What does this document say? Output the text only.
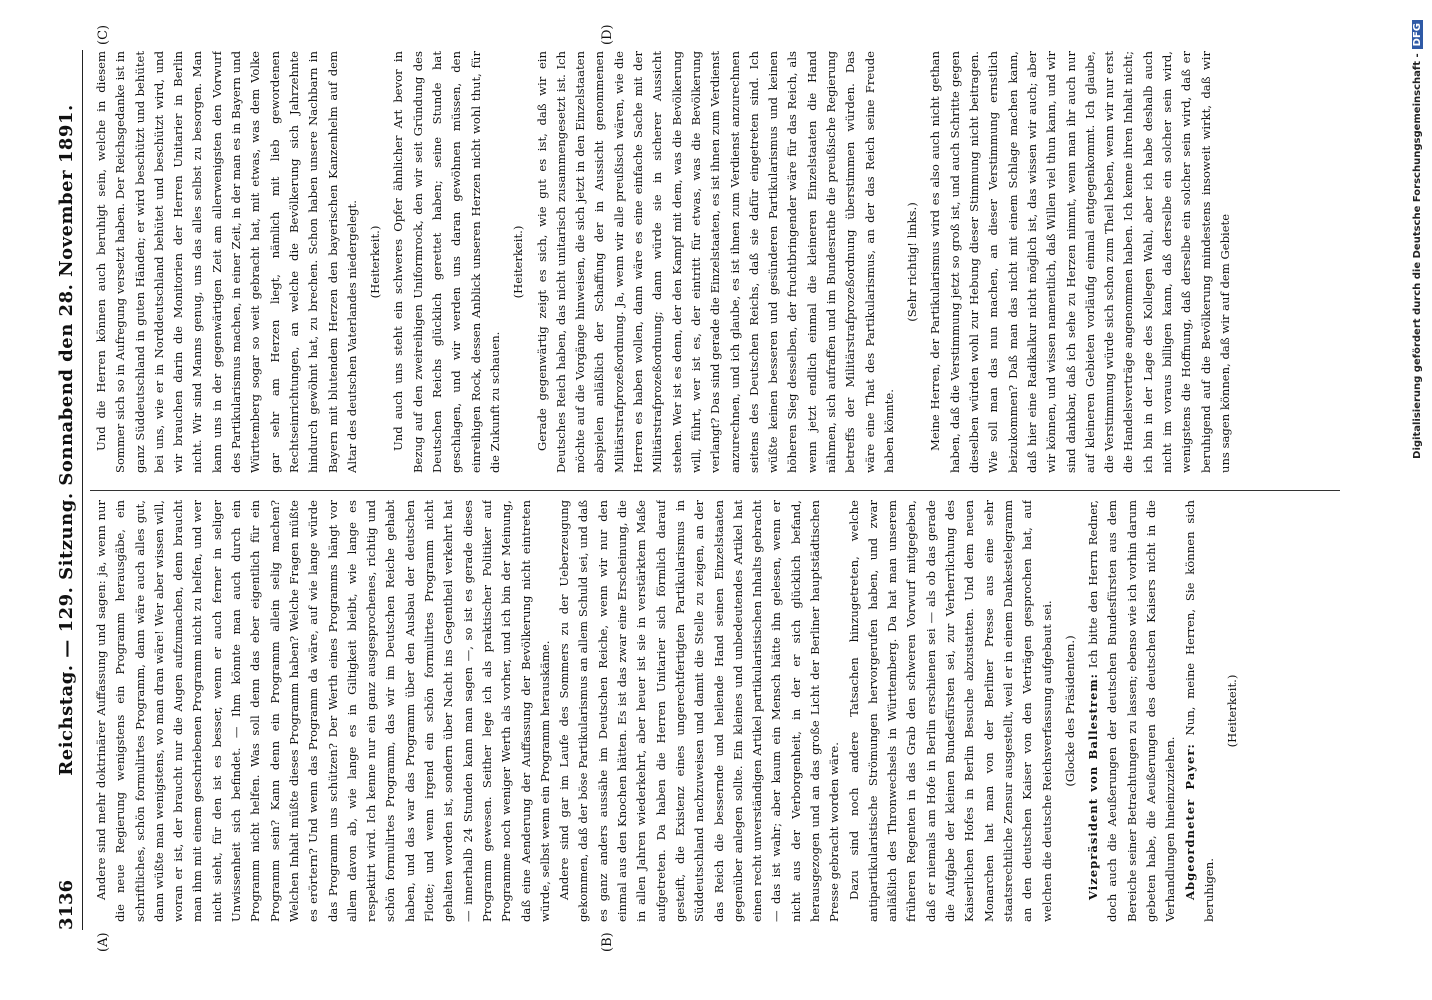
3136
Reichstag. — 129. Sitzung. Sonnabend den 28. November 1891.
(A)	(B)
(C)	(D)

Andere sind mehr doktrinärer Auffassung und sagen: ja, wenn nur die neue Regierung wenigstens ein Programm herausgäbe, ein schriftliches, schön formulirtes Programm, dann wäre auch alles gut, dann wüßte man wenigstens, wo man dran wäre! Wer aber wissen will, woran er ist, der braucht nur die Augen aufzumachen, denn braucht man ihm mit einem geschriebenen Programm nicht zu helfen, und wer nicht sieht, für den ist es besser, wenn er auch ferner in seliger Unwissenheit sich befindet. — Ihm könnte man auch durch ein Programm nicht helfen. Was soll denn das eber eigentlich für ein Programm sein? Kann denn ein Programm allein selig machen? Welchen Inhalt müßte dieses Programm haben? Welche Fragen müßte es erörtern? Und wenn das Programm da wäre, auf wie lange würde das Programm uns schützen? Der Werth eines Programms hängt vor allem davon ab, wie lange es in Giltigkeit bleibt, wie lange es respektirt wird. Ich kenne nur ein ganz ausgesprochenes, richtig und schön formulirtes Programm, das wir im Deutschen Reiche gehabt haben, und das war das Programm über den Ausbau der deutschen Flotte; und wenn irgend ein schön formulirtes Programm nicht gehalten worden ist, sondern über Nacht ins Gegentheil verkehrt hat — innerhalb 24 Stunden kann man sagen —, so ist es gerade dieses Programm gewesen. Seither lege ich als praktischer Politiker auf Programme noch weniger Werth als vorher, und ich bin der Meinung, daß eine Aenderung der Auffassung der Bevölkerung nicht eintreten würde, selbst wenn ein Programm herauskäme. Andere sind gar im Laufe des Sommers zu der Ueberzeugung gekommen, daß der böse Partikularismus an allem Schuld sei, und daß es ganz anders aussähe im Deutschen Reiche, wenn wir nur den einmal aus den Knochen hätten. Es ist das zwar eine Erscheinung, die in allen Jahren wiederkehrt, aber heuer ist sie in verstärktem Maße aufgetreten. Da haben die Herren Unitarier sich förmlich darauf gesteift, die Existenz eines ungerechtfertigten Partikularismus in Süddeutschland nachzuweisen und damit die Stelle zu zeigen, an der das Reich die bessernde und heilende Hand seinen Einzelstaaten gegenüber anlegen sollte. Ein kleines und unbedeutendes Artikel hat einen recht unverständigen Artikel partikularistischen Inhalts gebracht — das ist wahr; aber kaum ein Mensch hätte ihn gelesen, wenn er nicht aus der Verborgenheit, in der er sich glücklich befand, herausgezogen und an das große Licht der Berliner hauptstädtischen Presse gebracht worden wäre. Dazu sind noch andere Tatsachen hinzugetreten, welche antipartikularistische Strömungen hervorgerufen haben, und zwar anläßlich des Thronwechsels in Württemberg. Da hat man unserem früheren Regenten in das Grab den schweren Vorwurf mitgegeben, daß er niemals am Hofe in Berlin erschienen sei — als ob das gerade die Aufgabe der kleinen Bundesfürsten sei, zur Verherrlichung des Kaiserlichen Hofes in Berlin Besuche abzustatten. Und dem neuen Monarchen hat man von der Berliner Presse aus eine sehr staatsrechtliche Zensur ausgestellt, weil er in einem Dankestelegramm an den deutschen Kaiser von den Verträgen gesprochen hat, auf welchen die deutsche Reichsverfassung aufgebaut sei. (Glocke des Präsidenten.) Vizepräsident von Ballestrem: Ich bitte den Herrn Redner, doch auch die Aeußerungen der deutschen Bundesfürsten aus dem Bereiche seiner Betrachtungen zu lassen; ebenso wie ich vorhin darum gebeten habe, die Aeußerungen des deutschen Kaisers nicht in die Verhandlungen hineinzuziehen. Abgeordneter Payer: Nun, meine Herren, Sie können sich beruhigen.

(Heiterkeit.)

Und die Herren können auch beruhigt sein, welche in diesem Sommer sich so in Aufregung versetzt haben. Der Reichsgedanke ist in ganz Süddeutschland in guten Händen; er wird beschützt und behütet bei uns, wie er in Norddeutschland behütet und beschützt wird, und wir brauchen darin die Monitorien der Herren Unitarier in Berlin nicht. Wir sind Manns genug, uns das alles selbst zu besorgen. Man kann uns in der gegenwärtigen Zeit am allerwenigsten den Vorwurf des Partikularismus machen, in einer Zeit, in der man es in Bayern und Württemberg sogar so weit gebracht hat, mit etwas, was dem Volke gar sehr am Herzen liegt, nämlich mit lieb gewordenen Rechtseinrichtungen, an welche die Bevölkerung sich Jahrzehnte hindurch gewöhnt hat, zu brechen. Schon haben unsere Nachbarn in Bayern mit blutendem Herzen den bayerischen Kanzenhelm auf dem Altar des deutschen Vaterlandes niedergelegt. (Heiterkeit.) Und auch uns steht ein schweres Opfer ähnlicher Art bevor in Bezug auf den zweireihigen Uniformrock, den wir seit Gründung des Deutschen Reichs glücklich gerettet haben; seine Stunde hat geschlagen, und wir werden uns daran gewöhnen müssen, den einreihigen Rock, dessen Anblick unseren Herzen nicht wohl thut, für die Zukunft zu schauen.

(Heiterkeit.) Gerade gegenwärtig zeigt es sich, wie gut es ist, daß wir ein Deutsches Reich haben, das nicht unitarisch zusammengesetzt ist. Ich möchte auf die Vorgänge hinweisen, die sich jetzt in den Einzelstaaten abspielen anläßlich der Schaffung der in Aussicht genommenen Militärstrafprozeßordnung. Ja, wenn wir alle preußisch wären, wie die Herren es haben wollen, dann wäre es eine einfache Sache mit der Militärstrafprozeßordnung; dann würde sie in sicherer Aussicht stehen. Wer ist es denn, der den Kampf mit dem, was die Bevölkerung will, führt, wer ist es, der eintritt für etwas, was die Bevölkerung verlangt? Das sind gerade die Einzelstaaten, es ist ihnen zum Verdienst anzurechnen, und ich glaube, es ist ihnen zum Verdienst anzurechnen seitens des Deutschen Reichs, daß sie dafür eingetreten sind. Ich wüßte keinen besseren und gesünderen Partikularismus und keinen höheren Sieg desselben, der fruchtbringender wäre für das Reich, als wenn jetzt endlich einmal die kleineren Einzelstaaten die Hand nähmen, sich aufraffen und im Bundesrathe die preußische Regierung betreffs der Militärstrafprozeßordnung überstimmen würden. Das wäre eine That des Partikularismus, an der das Reich seine Freude haben könnte.

(Sehr richtig! links.) Meine Herren, der Partikularismus wird es also auch nicht gethan haben, daß die Verstimmung jetzt so groß ist, und auch Schritte gegen dieselben würden wohl zur Hebung dieser Stimmung nicht beitragen. Wie soll man das nun machen, an dieser Verstimmung ernstlich beizukommen? Daß man das nicht mit einem Schlage machen kann, daß hier eine Radikalkur nicht möglich ist, das wissen wir auch; aber wir können, und wissen namentlich, daß Willen viel thun kann, und wir sind dankbar, daß ich sehe zu Herzen nimmt, wenn man ihr auch nur auf kleineren Gebieten vorläufig einmal entgegenkommt. Ich glaube, die Verstimmung würde sich schon zum Theil heben, wenn wir nur erst die Handelsverträge angenommen haben. Ich kenne ihren Inhalt nicht; ich bin in der Lage des Kollegen Wahl, aber ich habe deshalb auch nicht im voraus billigen kann, daß derselbe ein solcher sein wird, wenigstens die Hoffnung, daß derselbe ein solcher sein wird, daß er beruhigend auf die Bevölkerung mindestens insoweit wirkt, daß wir uns sagen können, daß wir auf dem Gebiete	Digitalisierung gefördert durch die Deutsche Forschungsgemeinschaft -DFG
